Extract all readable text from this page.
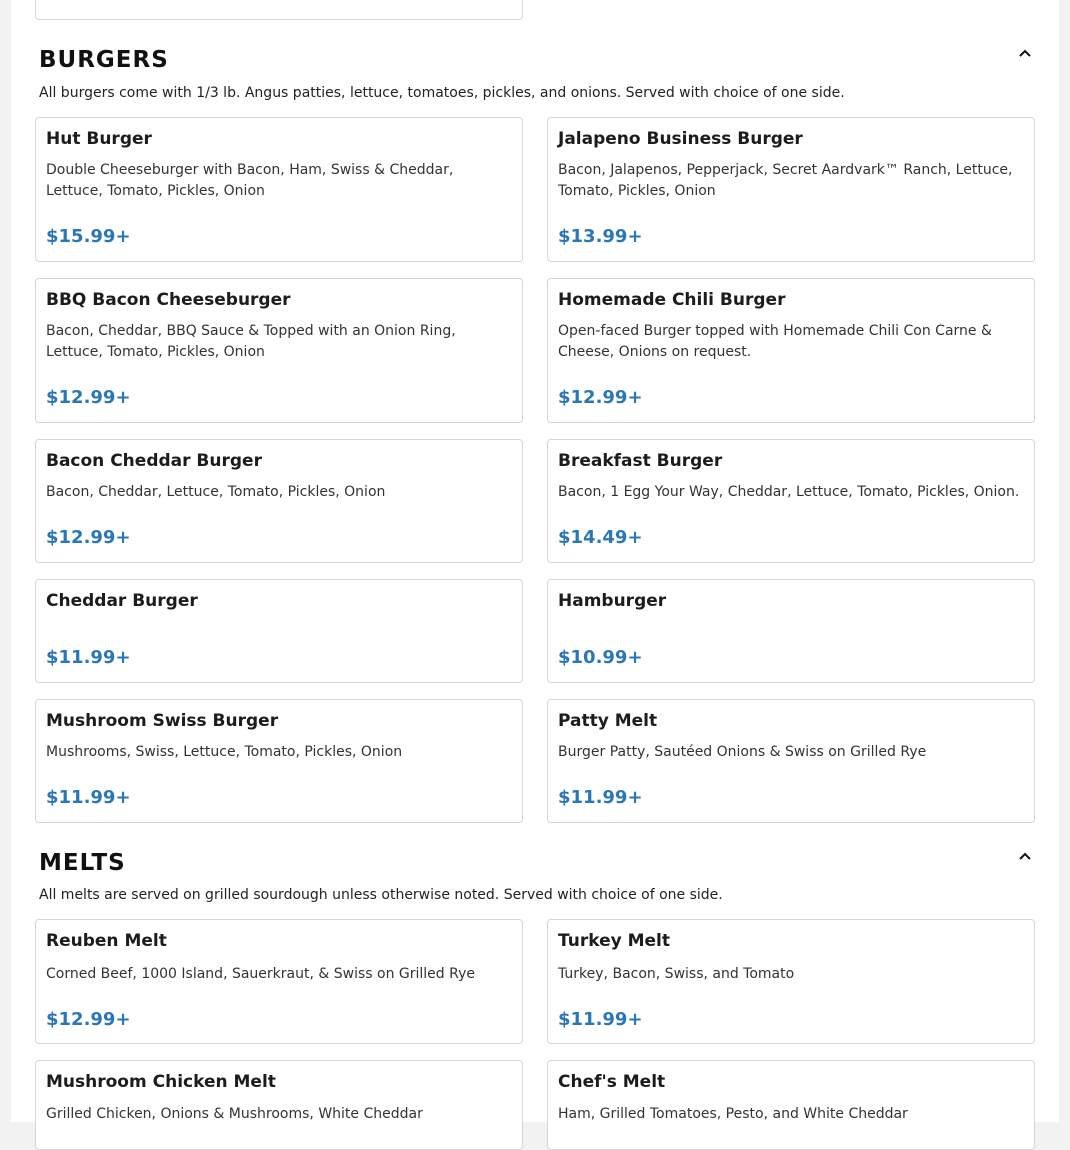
BURGERS
All burgers come with 1/3 lb. Angus patties, lettuce, tomatoes, pickles, and onions. Served with choice of one side.
Hut Burger
Double Cheeseburger with Bacon, Ham, Swiss & Cheddar, Lettuce, Tomato, Pickles, Onion
$15.99+
Jalapeno Business Burger
Bacon, Jalapenos, Pepperjack, Secret Aardvark™ Ranch, Lettuce, Tomato, Pickles, Onion
$13.99+
BBQ Bacon Cheeseburger
Bacon, Cheddar, BBQ Sauce & Topped with an Onion Ring, Lettuce, Tomato, Pickles, Onion
$12.99+
Homemade Chili Burger
Open-faced Burger topped with Homemade Chili Con Carne & Cheese, Onions on request.
$12.99+
Bacon Cheddar Burger
Bacon, Cheddar, Lettuce, Tomato, Pickles, Onion
$12.99+
Breakfast Burger
Bacon, 1 Egg Your Way, Cheddar, Lettuce, Tomato, Pickles, Onion.
$14.49+
Cheddar Burger
$11.99+
Hamburger
$10.99+
Mushroom Swiss Burger
Mushrooms, Swiss, Lettuce, Tomato, Pickles, Onion
$11.99+
Patty Melt
Burger Patty, Sautéed Onions & Swiss on Grilled Rye
$11.99+
MELTS
All melts are served on grilled sourdough unless otherwise noted. Served with choice of one side.
Reuben Melt
Corned Beef, 1000 Island, Sauerkraut, & Swiss on Grilled Rye
$12.99+
Turkey Melt
Turkey, Bacon, Swiss, and Tomato
$11.99+
Mushroom Chicken Melt
Grilled Chicken, Onions & Mushrooms, White Cheddar
Chef's Melt
Ham, Grilled Tomatoes, Pesto, and White Cheddar
